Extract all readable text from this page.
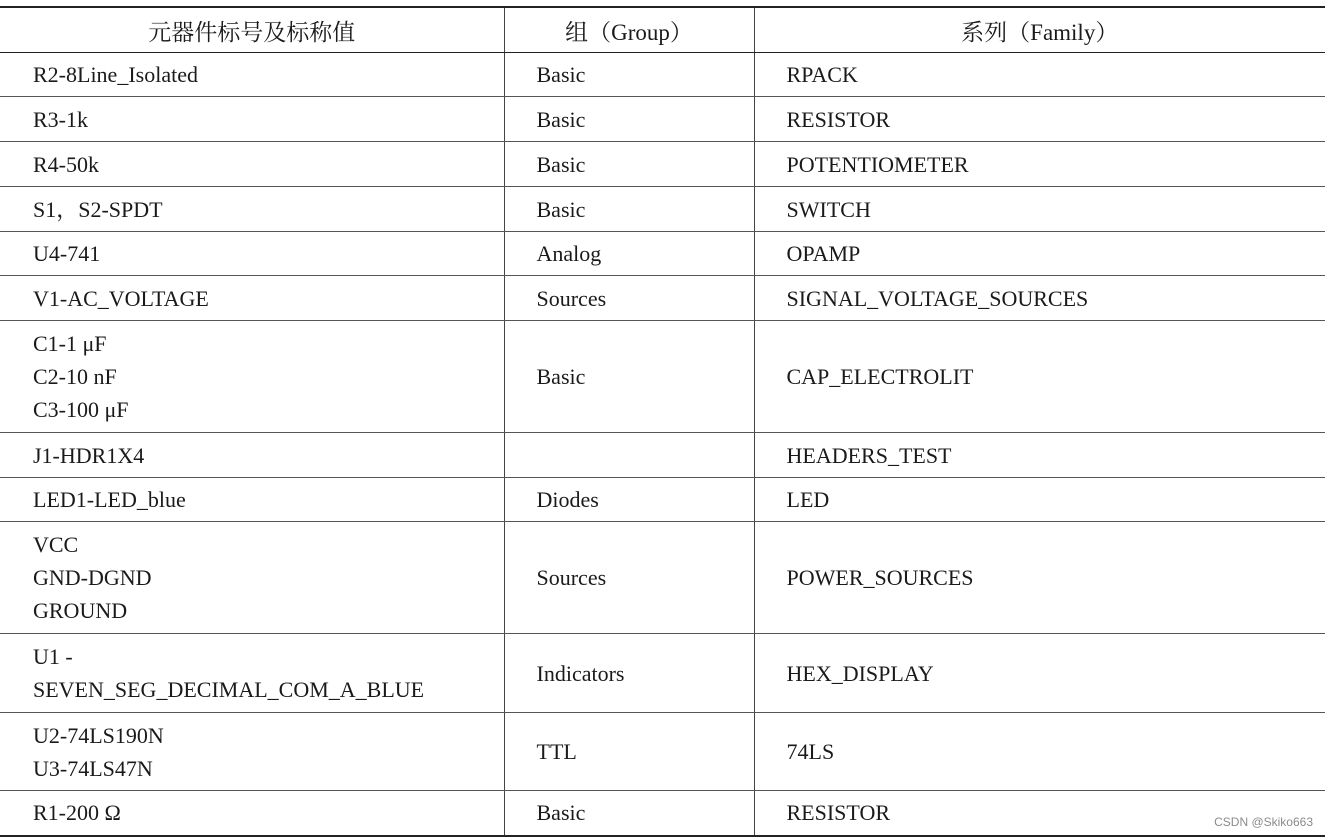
元器件标号及标称值	组（Group）	系列（Family）

R2-8Line_Isolated	Basic	RPACK

R3-1k	Basic	RESISTOR

R4-50k	Basic	POTENTIOMETER

S1，S2-SPDT	Basic	SWITCH

U4-741	Analog	OPAMP

V1-AC_VOLTAGE	Sources	SIGNAL_VOLTAGE_SOURCES

C1-1 μF
C2-10 nF
C3-100 μF	Basic	CAP_ELECTROLIT

J1-HDR1X4		HEADERS_TEST

LED1-LED_blue	Diodes	LED

VCC
GND-DGND
GROUND	Sources	POWER_SOURCES

U1 -
SEVEN_SEG_DECIMAL_COM_A_BLUE	Indicators	HEX_DISPLAY

U2-74LS190N
U3-74LS47N	TTL	74LS

R1-200 Ω	Basic	RESISTOR	CSDN @Skiko663
